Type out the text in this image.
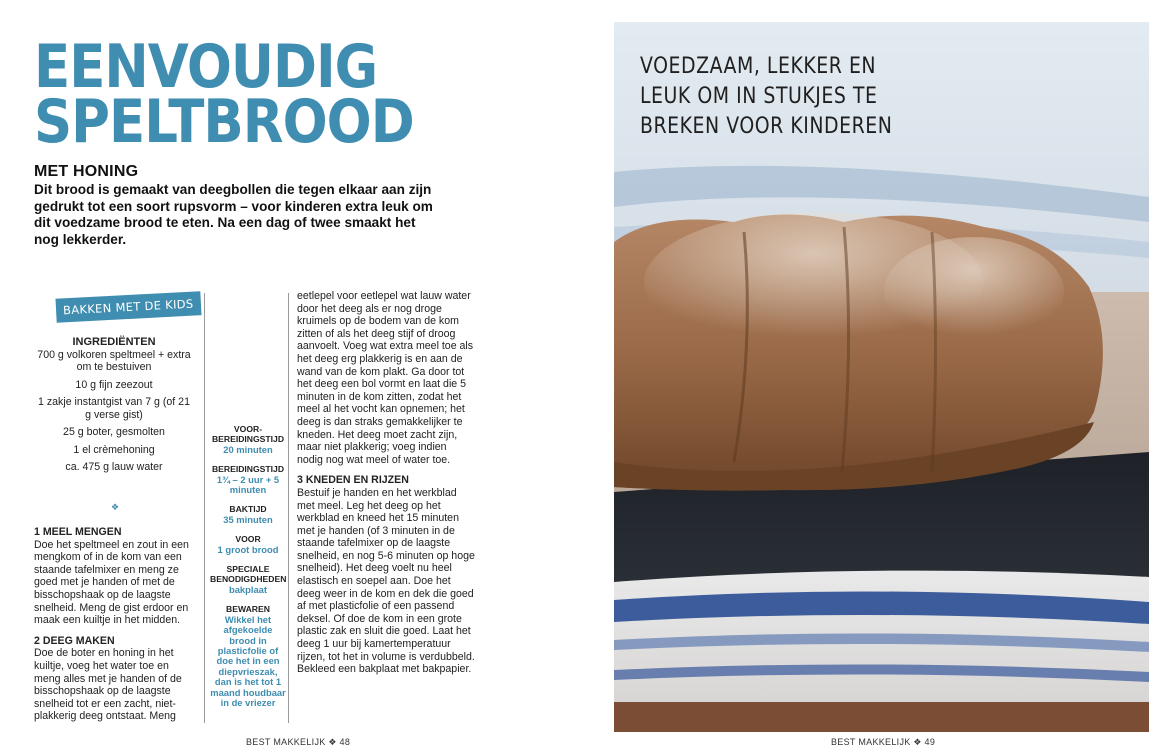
EENVOUDIG
SPELTBROOD
MET HONING
Dit brood is gemaakt van deegbollen die tegen elkaar aan zijn gedrukt tot een soort rupsvorm – voor kinderen extra leuk om dit voedzame brood te eten. Na een dag of twee smaakt het nog lekkerder.
BAKKEN MET DE KIDS
INGREDIËNTEN

700 g volkoren speltmeel + extra om te bestuiven

10 g fijn zeezout

1 zakje instantgist van 7 g (of 21 g verse gist)

25 g boter, gesmolten

1 el crèmehoning

ca. 475 g lauw water

❖
1 MEEL MENGEN

Doe het speltmeel en zout in een mengkom of in de kom van een staande tafelmixer en meng ze goed met je handen of met de bisschopshaak op de laagste snelheid. Meng de gist erdoor en maak een kuiltje in het midden.

2 DEEG MAKEN

Doe de boter en honing in het kuiltje, voeg het water toe en meng alles met je handen of de bisschopshaak op de laagste snelheid tot er een zacht, niet-plakkerig deeg ontstaat. Meng

VOOR-BEREIDINGSTIJD
20 minuten
BEREIDINGSTIJD
1¾ – 2 uur + 5 minuten
BAKTIJD
35 minuten
VOOR
1 groot brood
SPECIALE BENODIGDHEDEN
bakplaat
BEWAREN
Wikkel het afgekoelde brood in plasticfolie of doe het in een diepvrieszak, dan is het tot 1 maand houdbaar in de vriezer

eetlepel voor eetlepel wat lauw water door het deeg als er nog droge kruimels op de bodem van de kom zitten of als het deeg stijf of droog aanvoelt. Voeg wat extra meel toe als het deeg erg plakkerig is en aan de wand van de kom plakt. Ga door tot het deeg een bol vormt en laat die 5 minuten in de kom zitten, zodat het meel al het vocht kan opnemen; het deeg is dan straks gemakkelijker te kneden. Het deeg moet zacht zijn, maar niet plakkerig; voeg indien nodig nog wat meel of water toe.

3 KNEDEN EN RIJZEN

Bestuif je handen en het werkblad met meel. Leg het deeg op het werkblad en kneed het 15 minuten met je handen (of 3 minuten in de staande tafelmixer op de laagste snelheid, en nog 5-6 minuten op hoge snelheid). Het deeg voelt nu heel elastisch en soepel aan. Doe het deeg weer in de kom en dek die goed af met plasticfolie of een passend deksel. Of doe de kom in een grote plastic zak en sluit die goed. Laat het deeg 1 uur bij kamertemperatuur rijzen, tot het in volume is verdubbeld. Bekleed een bakplaat met bakpapier.

BEST MAKKELIJK ❖ 48
VOEDZAAM, LEKKER EN LEUK OM IN STUKJES TE BREKEN VOOR KINDEREN
BEST MAKKELIJK ❖ 49
